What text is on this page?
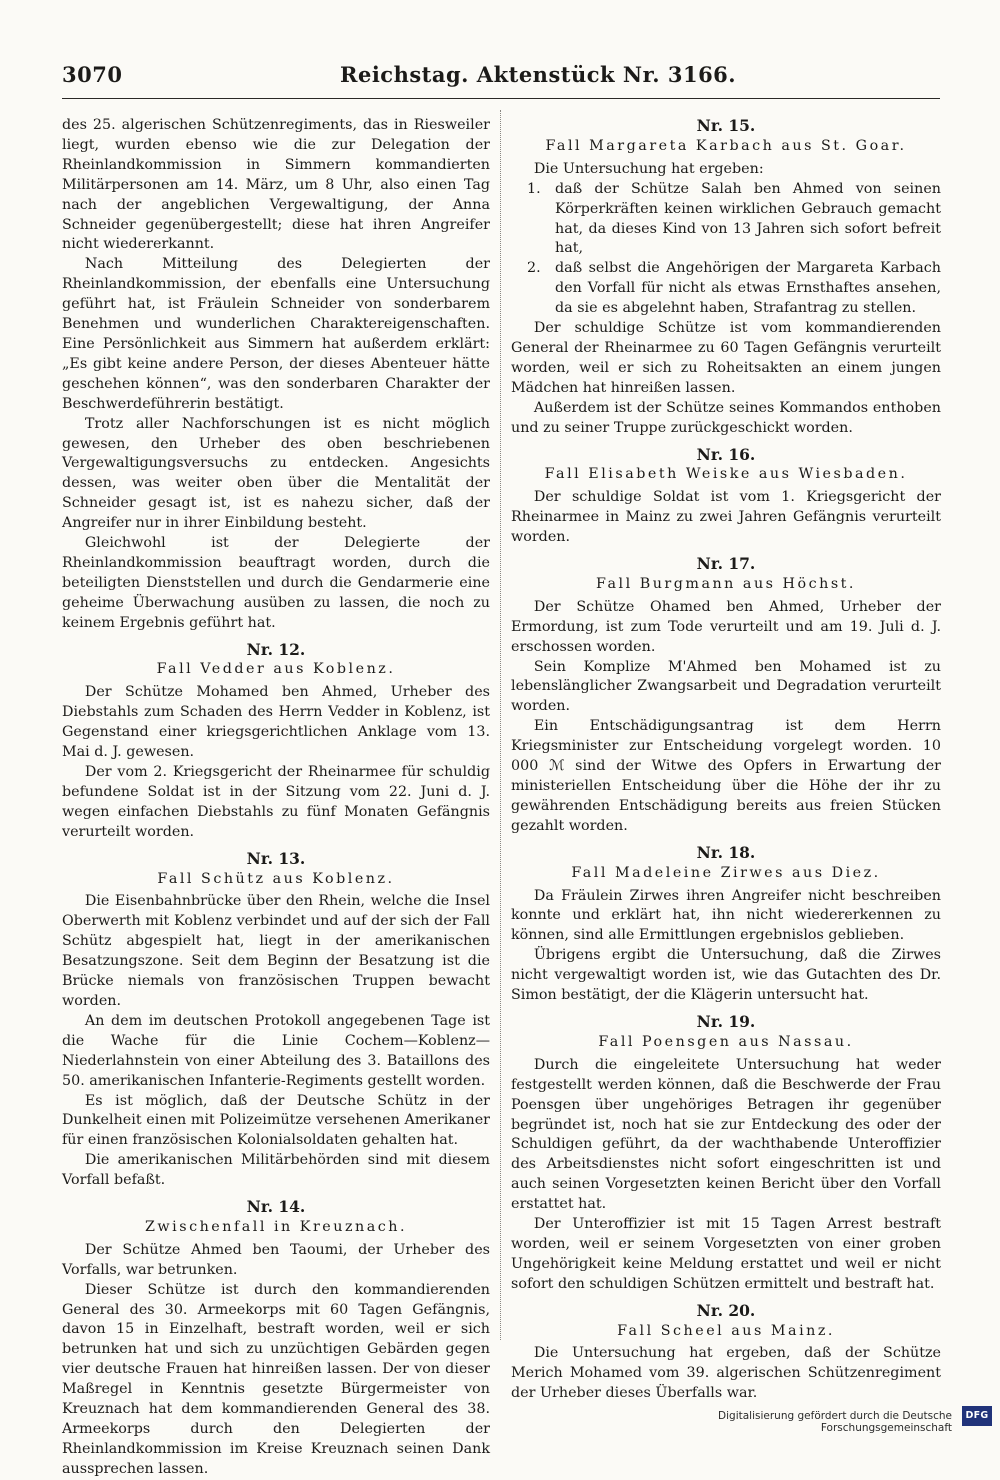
3070	Reichstag. Aktenstück Nr. 3166.

des 25. algerischen Schützenregiments, das in Riesweiler liegt, wurden ebenso wie die zur Delegation der Rheinlandkommission in Simmern kommandierten Militärpersonen am 14. März, um 8 Uhr, also einen Tag nach der angeblichen Vergewaltigung, der Anna Schneider gegenübergestellt; diese hat ihren Angreifer nicht wiedererkannt.

Nach Mitteilung des Delegierten der Rheinlandkommission, der ebenfalls eine Untersuchung geführt hat, ist Fräulein Schneider von sonderbarem Benehmen und wunderlichen Charaktereigenschaften. Eine Persönlichkeit aus Simmern hat außerdem erklärt: „Es gibt keine andere Person, der dieses Abenteuer hätte geschehen können“, was den sonderbaren Charakter der Beschwerdeführerin bestätigt.

Trotz aller Nachforschungen ist es nicht möglich gewesen, den Urheber des oben beschriebenen Vergewaltigungsversuchs zu entdecken. Angesichts dessen, was weiter oben über die Mentalität der Schneider gesagt ist, ist es nahezu sicher, daß der Angreifer nur in ihrer Einbildung besteht.

Gleichwohl ist der Delegierte der Rheinlandkommission beauftragt worden, durch die beteiligten Dienststellen und durch die Gendarmerie eine geheime Überwachung ausüben zu lassen, die noch zu keinem Ergebnis geführt hat.

Nr. 12.
Fall Vedder aus Koblenz.

Der Schütze Mohamed ben Ahmed, Urheber des Diebstahls zum Schaden des Herrn Vedder in Koblenz, ist Gegenstand einer kriegsgerichtlichen Anklage vom 13. Mai d. J. gewesen.

Der vom 2. Kriegsgericht der Rheinarmee für schuldig befundene Soldat ist in der Sitzung vom 22. Juni d. J. wegen einfachen Diebstahls zu fünf Monaten Gefängnis verurteilt worden.

Nr. 13.
Fall Schütz aus Koblenz.

Die Eisenbahnbrücke über den Rhein, welche die Insel Oberwerth mit Koblenz verbindet und auf der sich der Fall Schütz abgespielt hat, liegt in der amerikanischen Besatzungszone. Seit dem Beginn der Besatzung ist die Brücke niemals von französischen Truppen bewacht worden.

An dem im deutschen Protokoll angegebenen Tage ist die Wache für die Linie Cochem—Koblenz—Niederlahnstein von einer Abteilung des 3. Bataillons des 50. amerikanischen Infanterie-Regiments gestellt worden.

Es ist möglich, daß der Deutsche Schütz in der Dunkelheit einen mit Polizeimütze versehenen Amerikaner für einen französischen Kolonialsoldaten gehalten hat.

Die amerikanischen Militärbehörden sind mit diesem Vorfall befaßt.

Nr. 14.
Zwischenfall in Kreuznach.

Der Schütze Ahmed ben Taoumi, der Urheber des Vorfalls, war betrunken.

Dieser Schütze ist durch den kommandierenden General des 30. Armeekorps mit 60 Tagen Gefängnis, davon 15 in Einzelhaft, bestraft worden, weil er sich betrunken hat und sich zu unzüchtigen Gebärden gegen vier deutsche Frauen hat hinreißen lassen. Der von dieser Maßregel in Kenntnis gesetzte Bürgermeister von Kreuznach hat dem kommandierenden General des 38. Armeekorps durch den Delegierten der Rheinlandkommission im Kreise Kreuznach seinen Dank aussprechen lassen.

Nr. 15.
Fall Margareta Karbach aus St. Goar.

Die Untersuchung hat ergeben:

1. daß der Schütze Salah ben Ahmed von seinen Körperkräften keinen wirklichen Gebrauch gemacht hat, da dieses Kind von 13 Jahren sich sofort befreit hat,
2. daß selbst die Angehörigen der Margareta Karbach den Vorfall für nicht als etwas Ernsthaftes ansehen, da sie es abgelehnt haben, Strafantrag zu stellen.

Der schuldige Schütze ist vom kommandierenden General der Rheinarmee zu 60 Tagen Gefängnis verurteilt worden, weil er sich zu Roheitsakten an einem jungen Mädchen hat hinreißen lassen.

Außerdem ist der Schütze seines Kommandos enthoben und zu seiner Truppe zurückgeschickt worden.

Nr. 16.
Fall Elisabeth Weiske aus Wiesbaden.

Der schuldige Soldat ist vom 1. Kriegsgericht der Rheinarmee in Mainz zu zwei Jahren Gefängnis verurteilt worden.

Nr. 17.
Fall Burgmann aus Höchst.

Der Schütze Ohamed ben Ahmed, Urheber der Ermordung, ist zum Tode verurteilt und am 19. Juli d. J. erschossen worden.

Sein Komplize M'Ahmed ben Mohamed ist zu lebenslänglicher Zwangsarbeit und Degradation verurteilt worden.

Ein Entschädigungsantrag ist dem Herrn Kriegsminister zur Entscheidung vorgelegt worden. 10 000 ℳ sind der Witwe des Opfers in Erwartung der ministeriellen Entscheidung über die Höhe der ihr zu gewährenden Entschädigung bereits aus freien Stücken gezahlt worden.

Nr. 18.
Fall Madeleine Zirwes aus Diez.

Da Fräulein Zirwes ihren Angreifer nicht beschreiben konnte und erklärt hat, ihn nicht wiedererkennen zu können, sind alle Ermittlungen ergebnislos geblieben.

Übrigens ergibt die Untersuchung, daß die Zirwes nicht vergewaltigt worden ist, wie das Gutachten des Dr. Simon bestätigt, der die Klägerin untersucht hat.

Nr. 19.
Fall Poensgen aus Nassau.

Durch die eingeleitete Untersuchung hat weder festgestellt werden können, daß die Beschwerde der Frau Poensgen über ungehöriges Betragen ihr gegenüber begründet ist, noch hat sie zur Entdeckung des oder der Schuldigen geführt, da der wachthabende Unteroffizier des Arbeitsdienstes nicht sofort eingeschritten ist und auch seinen Vorgesetzten keinen Bericht über den Vorfall erstattet hat.

Der Unteroffizier ist mit 15 Tagen Arrest bestraft worden, weil er seinem Vorgesetzten von einer groben Ungehörigkeit keine Meldung erstattet und weil er nicht sofort den schuldigen Schützen ermittelt und bestraft hat.

Nr. 20.
Fall Scheel aus Mainz.

Die Untersuchung hat ergeben, daß der Schütze Merich Mohamed vom 39. algerischen Schützenregiment der Urheber dieses Überfalls war.

Digitalisierung gefördert durch die Deutsche Forschungsgemeinschaft
DFG
